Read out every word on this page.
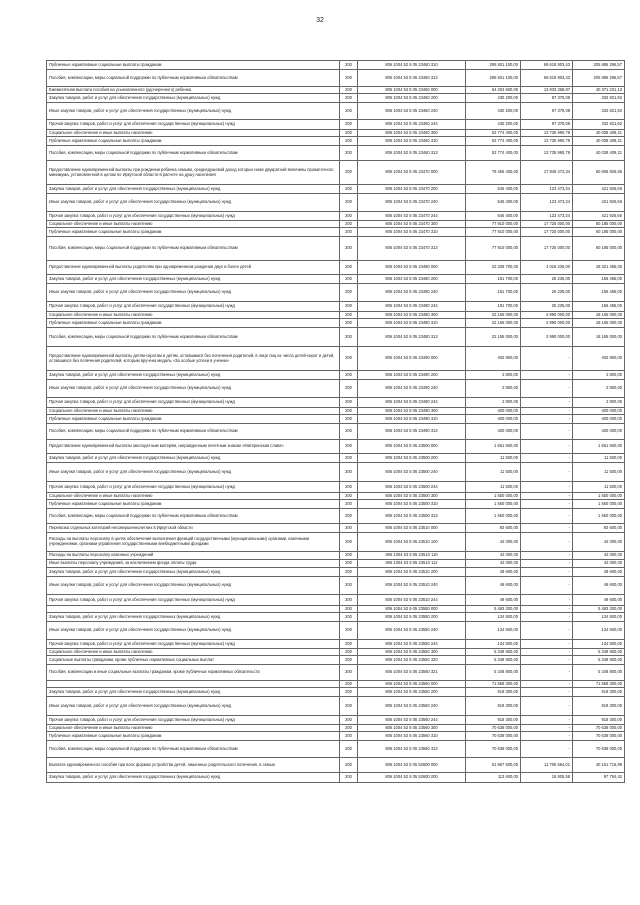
32
Публичные нормативные социальные выплаты гражданам	200	806 1004 53 5 05 23460 310	295 501 100,00	69 618 803,43	205 886 296,57
Пособия, компенсации, меры социальной поддержки по публичным нормативным обязательствам	200	806 1004 53 5 05 23460 313	295 501 100,00	69 618 803,43	205 886 296,57
Ежемесячная выплата пособия на усыновленного (удочеренного) ребенка	200	806 1004 53 5 05 23460 000	54 204 600,00	13 833 368,87	40 371 231,13
Закупка товаров, работ и услуг для обеспечения государственных (муниципальных) нужд	200	806 1004 53 5 05 23460 200	430 200,00	97 378,08	332 821,92
Иные закупки товаров, работ и услуг для обеспечения государственных (муниципальных) нужд	200	806 1004 53 5 05 23460 240	430 200,00	97 378,08	332 821,92
Прочая закупка товаров, работ и услуг для обеспечения государственных (муниципальных) нужд	200	806 1004 53 5 05 23460 244	430 200,00	97 378,08	332 821,92
Социальное обеспечение и иные выплаты населению	200	806 1004 53 5 05 23460 300	53 774 400,00	13 735 990,79	40 038 409,21
Публичные нормативные социальные выплаты гражданам	200	806 1004 53 5 05 23460 310	53 774 400,00	13 735 990,79	40 038 409,21
Пособия, компенсации, меры социальной поддержки по публичным нормативным обязательствам	200	806 1004 53 5 05 23460 313	53 774 400,00	13 735 990,79	40 038 409,21
Предоставление единовременной выплаты при рождении ребенка семьям, среднедушевой доход которых ниже двукратной величины прожиточного минимума, установленной в целом по Иркутской области в расчете на душу населения	200	806 1004 53 5 05 23470 000	78 455 400,00	17 848 473,34	60 606 926,66
Закупка товаров, работ и услуг для обеспечения государственных (муниципальных) нужд	200	806 1004 53 5 05 23470 200	545 400,00	123 473,34	421 926,66
Иные закупки товаров, работ и услуг для обеспечения государственных (муниципальных) нужд	200	806 1004 53 5 05 23470 240	545 400,00	123 473,34	421 926,66
Прочая закупка товаров, работ и услуг для обеспечения государственных (муниципальных) нужд	200	806 1004 53 5 05 23470 244	545 400,00	123 473,34	421 926,66
Социальное обеспечение и иные выплаты населению	200	806 1004 53 5 05 23470 300	77 910 000,00	17 725 000,00	60 185 000,00
Публичные нормативные социальные выплаты гражданам	200	806 1004 53 5 05 23470 310	77 910 000,00	17 725 000,00	60 185 000,00
Пособия, компенсации, меры социальной поддержки по публичным нормативным обязательствам	200	806 1004 53 5 05 23470 313	77 910 000,00	17 725 000,00	60 185 000,00
Предоставление единовременной выплаты родителям при одновременном рождении двух и более детей	200	806 1004 53 5 05 23480 000	22 336 700,00	4 015 235,00	18 321 465,00
Закупка товаров, работ и услуг для обеспечения государственных (муниципальных) нужд	200	806 1004 53 5 05 23480 200	181 700,00	25 235,00	156 465,00
Иные закупки товаров, работ и услуг для обеспечения государственных (муниципальных) нужд	200	806 1004 53 5 05 23480 240	181 700,00	25 235,00	156 465,00
Прочая закупка товаров, работ и услуг для обеспечения государственных (муниципальных) нужд	200	806 1004 53 5 05 23480 244	181 700,00	25 235,00	156 465,00
Социальное обеспечение и иные выплаты населению	200	806 1004 53 5 05 23480 300	22 155 000,00	3 990 000,00	18 165 000,00
Публичные нормативные социальные выплаты гражданам	200	806 1004 53 5 05 23480 310	22 155 000,00	3 990 000,00	18 165 000,00
Пособия, компенсации, меры социальной поддержки по публичным нормативным обязательствам	200	806 1004 53 5 05 23480 313	22 155 000,00	3 990 000,00	18 165 000,00
Предоставление единовременной выплаты детям-сиротам и детям, оставшимся без попечения родителей, в лице лиц из числа детей-сирот и детей, оставшихся без попечения родителей, которым вручена медаль «За особые успехи в учении»	200	806 1004 53 5 05 23490 000	402 800,00	-	402 800,00
Закупка товаров, работ и услуг для обеспечения государственных (муниципальных) нужд	200	806 1004 53 5 05 23490 200	2 800,00	-	2 800,00
Иные закупки товаров, работ и услуг для обеспечения государственных (муниципальных) нужд	200	806 1004 53 5 05 23490 240	2 800,00	-	2 800,00
Прочая закупка товаров, работ и услуг для обеспечения государственных (муниципальных) нужд	200	806 1004 53 5 05 23490 244	2 800,00	-	2 800,00
Социальное обеспечение и иные выплаты населению	200	806 1004 53 5 05 23490 300	400 000,00	-	400 000,00
Публичные нормативные социальные выплаты гражданам	200	806 1004 53 5 05 23490 310	400 000,00	-	400 000,00
Пособия, компенсации, меры социальной поддержки по публичным нормативным обязательствам	200	806 1004 53 5 05 23490 313	400 000,00	-	400 000,00
Предоставление единовременной выплаты многодетным матерям, награжденным почетным знаком «Материнская слава»	200	806 1004 53 5 05 23500 000	1 661 500,00	-	1 661 500,00
Закупка товаров, работ и услуг для обеспечения государственных (муниципальных) нужд	200	806 1004 53 5 05 23500 200	11 500,00	-	11 500,00
Иные закупки товаров, работ и услуг для обеспечения государственных (муниципальных) нужд	200	806 1004 53 5 05 23500 240	11 500,00	-	11 500,00
Прочая закупка товаров, работ и услуг для обеспечения государственных (муниципальных) нужд	200	806 1004 53 5 05 23500 244	11 500,00	-	11 500,00
Социальное обеспечение и иные выплаты населению	200	806 1004 53 5 05 23500 300	1 650 000,00	-	1 650 000,00
Публичные нормативные социальные выплаты гражданам	200	806 1004 53 5 05 23500 310	1 650 000,00	-	1 650 000,00
Пособия, компенсации, меры социальной поддержки по публичным нормативным обязательствам	200	806 1004 53 5 05 23500 313	1 650 000,00	-	1 650 000,00
Перевозка отдельных категорий несовершеннолетних в Иркутской области	200	806 1004 53 5 05 23510 000	93 600,00	-	93 600,00
Расходы на выплаты персоналу в целях обеспечения выполнения функций государственными (муниципальными) органами, казенными учреждениями, органами управления государственными внебюджетными фондами	200	806 1004 53 5 05 23510 100	44 000,00	-	44 000,00
Расходы на выплаты персоналу казенных учреждений	200	806 1004 53 5 05 23510 110	44 000,00	-	44 000,00
Иные выплаты персоналу учреждений, за исключением фонда оплаты труда	200	806 1004 53 5 05 23510 112	44 000,00	-	44 000,00
Закупка товаров, работ и услуг для обеспечения государственных (муниципальных) нужд	200	806 1004 53 5 05 23510 200	49 600,00	-	49 600,00
Иные закупки товаров, работ и услуг для обеспечения государственных (муниципальных) нужд	200	806 1004 53 5 05 23510 240	49 600,00	-	49 600,00
Прочая закупка товаров, работ и услуг для обеспечения государственных (муниципальных) нужд	200	806 1004 53 5 05 23510 244	49 600,00	-	49 600,00
	200	806 1004 53 5 05 23550 000	5 483 300,00	-	5 483 300,00
Закупка товаров, работ и услуг для обеспечения государственных (муниципальных) нужд	200	806 1004 53 5 05 23550 200	134 500,00	-	134 500,00
Иные закупки товаров, работ и услуг для обеспечения государственных (муниципальных) нужд	200	806 1004 53 5 05 23550 240	134 500,00	-	134 500,00
Прочая закупка товаров, работ и услуг для обеспечения государственных (муниципальных) нужд	200	806 1004 53 5 05 23550 244	134 500,00	-	134 500,00
Социальное обеспечение и иные выплаты населению	200	806 1004 53 5 05 23550 300	5 348 800,00	-	5 348 800,00
Социальные выплаты гражданам, кроме публичных нормативных социальных выплат	200	806 1004 53 5 05 23550 320	5 348 800,00	-	5 348 800,00
Пособия, компенсации и иные социальные выплаты гражданам, кроме публичных нормативных обязательств	200	806 1004 53 5 05 23550 321	5 348 800,00	-	5 348 800,00
	200	806 1004 53 5 05 23560 000	71 558 300,00	-	71 558 300,00
Закупка товаров, работ и услуг для обеспечения государственных (муниципальных) нужд	200	806 1004 53 5 05 23560 200	918 300,00	-	918 300,00
Иные закупки товаров, работ и услуг для обеспечения государственных (муниципальных) нужд	200	806 1004 53 5 05 23560 240	918 300,00	-	918 300,00
Прочая закупка товаров, работ и услуг для обеспечения государственных (муниципальных) нужд	200	806 1004 53 5 05 23560 244	918 300,00	-	918 300,00
Социальное обеспечение и иные выплаты населению	200	806 1004 53 5 05 23560 300	70 638 000,00	-	70 638 000,00
Публичные нормативные социальные выплаты гражданам	200	806 1004 53 5 05 23560 310	70 638 000,00	-	70 638 000,00
Пособия, компенсации, меры социальной поддержки по публичным нормативным обязательствам	200	806 1004 53 5 05 23560 313	70 638 000,00	-	70 638 000,00
Выплата единовременного пособия при всех формах устройства детей, лишенных родительского попечения, в семью	200	806 1004 53 5 05 52600 000	51 867 500,00	11 705 684,01	40 161 715,99
Закупка товаров, работ и услуг для обеспечения государственных (муниципальных) нужд	200	806 1004 53 5 05 52600 200	113 600,00	15 805,58	97 794,42
